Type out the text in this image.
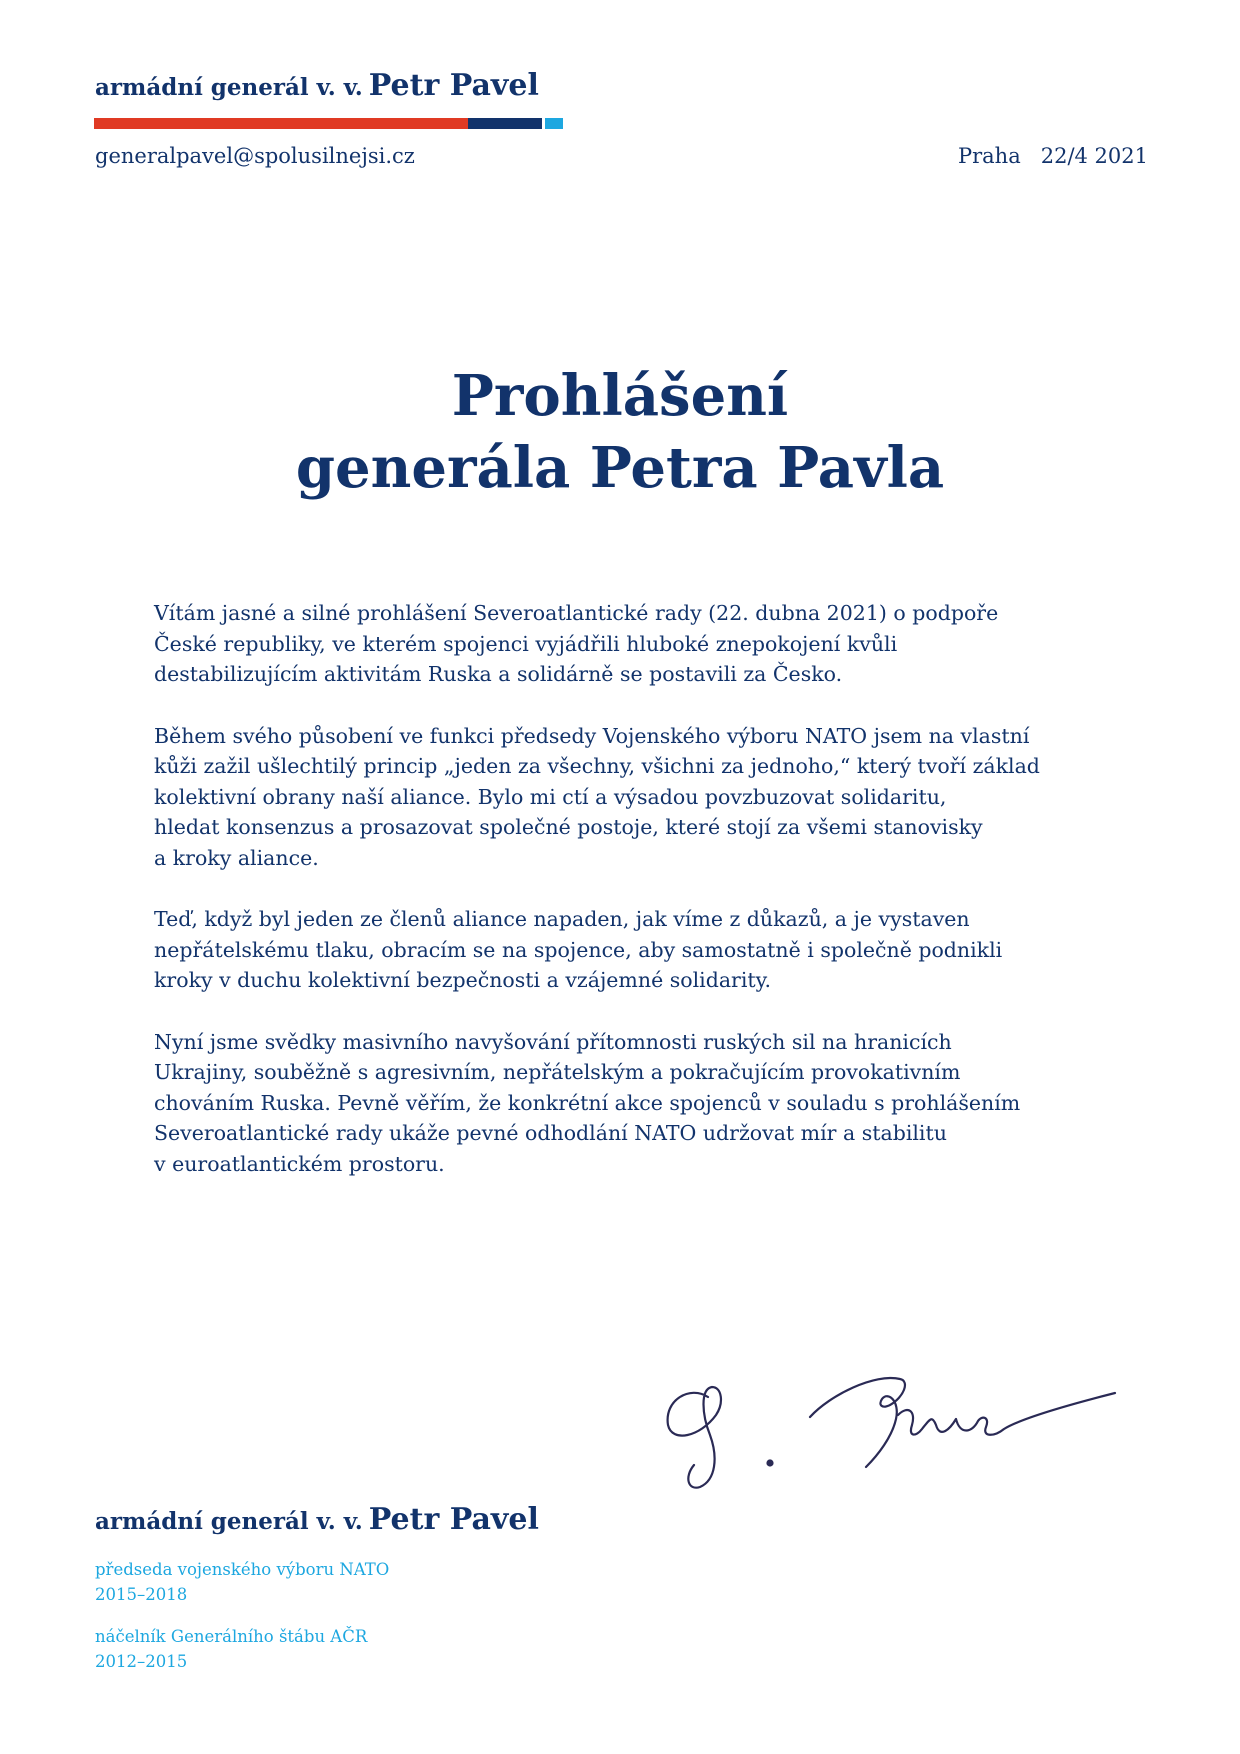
armádní generál v. v. Petr Pavel
generalpavel@spolusilnejsi.cz	Praha 22/4 2021
Prohlášení
generála Petra Pavla

Vítám jasné a silné prohlášení Severoatlantické rady (22. dubna 2021) o podpoře
České republiky, ve kterém spojenci vyjádřili hluboké znepokojení kvůli
destabilizujícím aktivitám Ruska a solidárně se postavili za Česko.

Během svého působení ve funkci předsedy Vojenského výboru NATO jsem na vlastní
kůži zažil ušlechtilý princip „jeden za všechny, všichni za jednoho,“ který tvoří základ
kolektivní obrany naší aliance. Bylo mi ctí a výsadou povzbuzovat solidaritu,
hledat konsenzus a prosazovat společné postoje, které stojí za všemi stanovisky
a kroky aliance.

Teď, když byl jeden ze členů aliance napaden, jak víme z důkazů, a je vystaven
nepřátelskému tlaku, obracím se na spojence, aby samostatně i společně podnikli
kroky v duchu kolektivní bezpečnosti a vzájemné solidarity.

Nyní jsme svědky masivního navyšování přítomnosti ruských sil na hranicích
Ukrajiny, souběžně s agresivním, nepřátelským a pokračujícím provokativním
chováním Ruska. Pevně věřím, že konkrétní akce spojenců v souladu s prohlášením
Severoatlantické rady ukáže pevné odhodlání NATO udržovat mír a stabilitu
v euroatlantickém prostoru.

armádní generál v. v. Petr Pavel
předseda vojenského výboru NATO
2015–2018
náčelník Generálního štábu AČR
2012–2015
